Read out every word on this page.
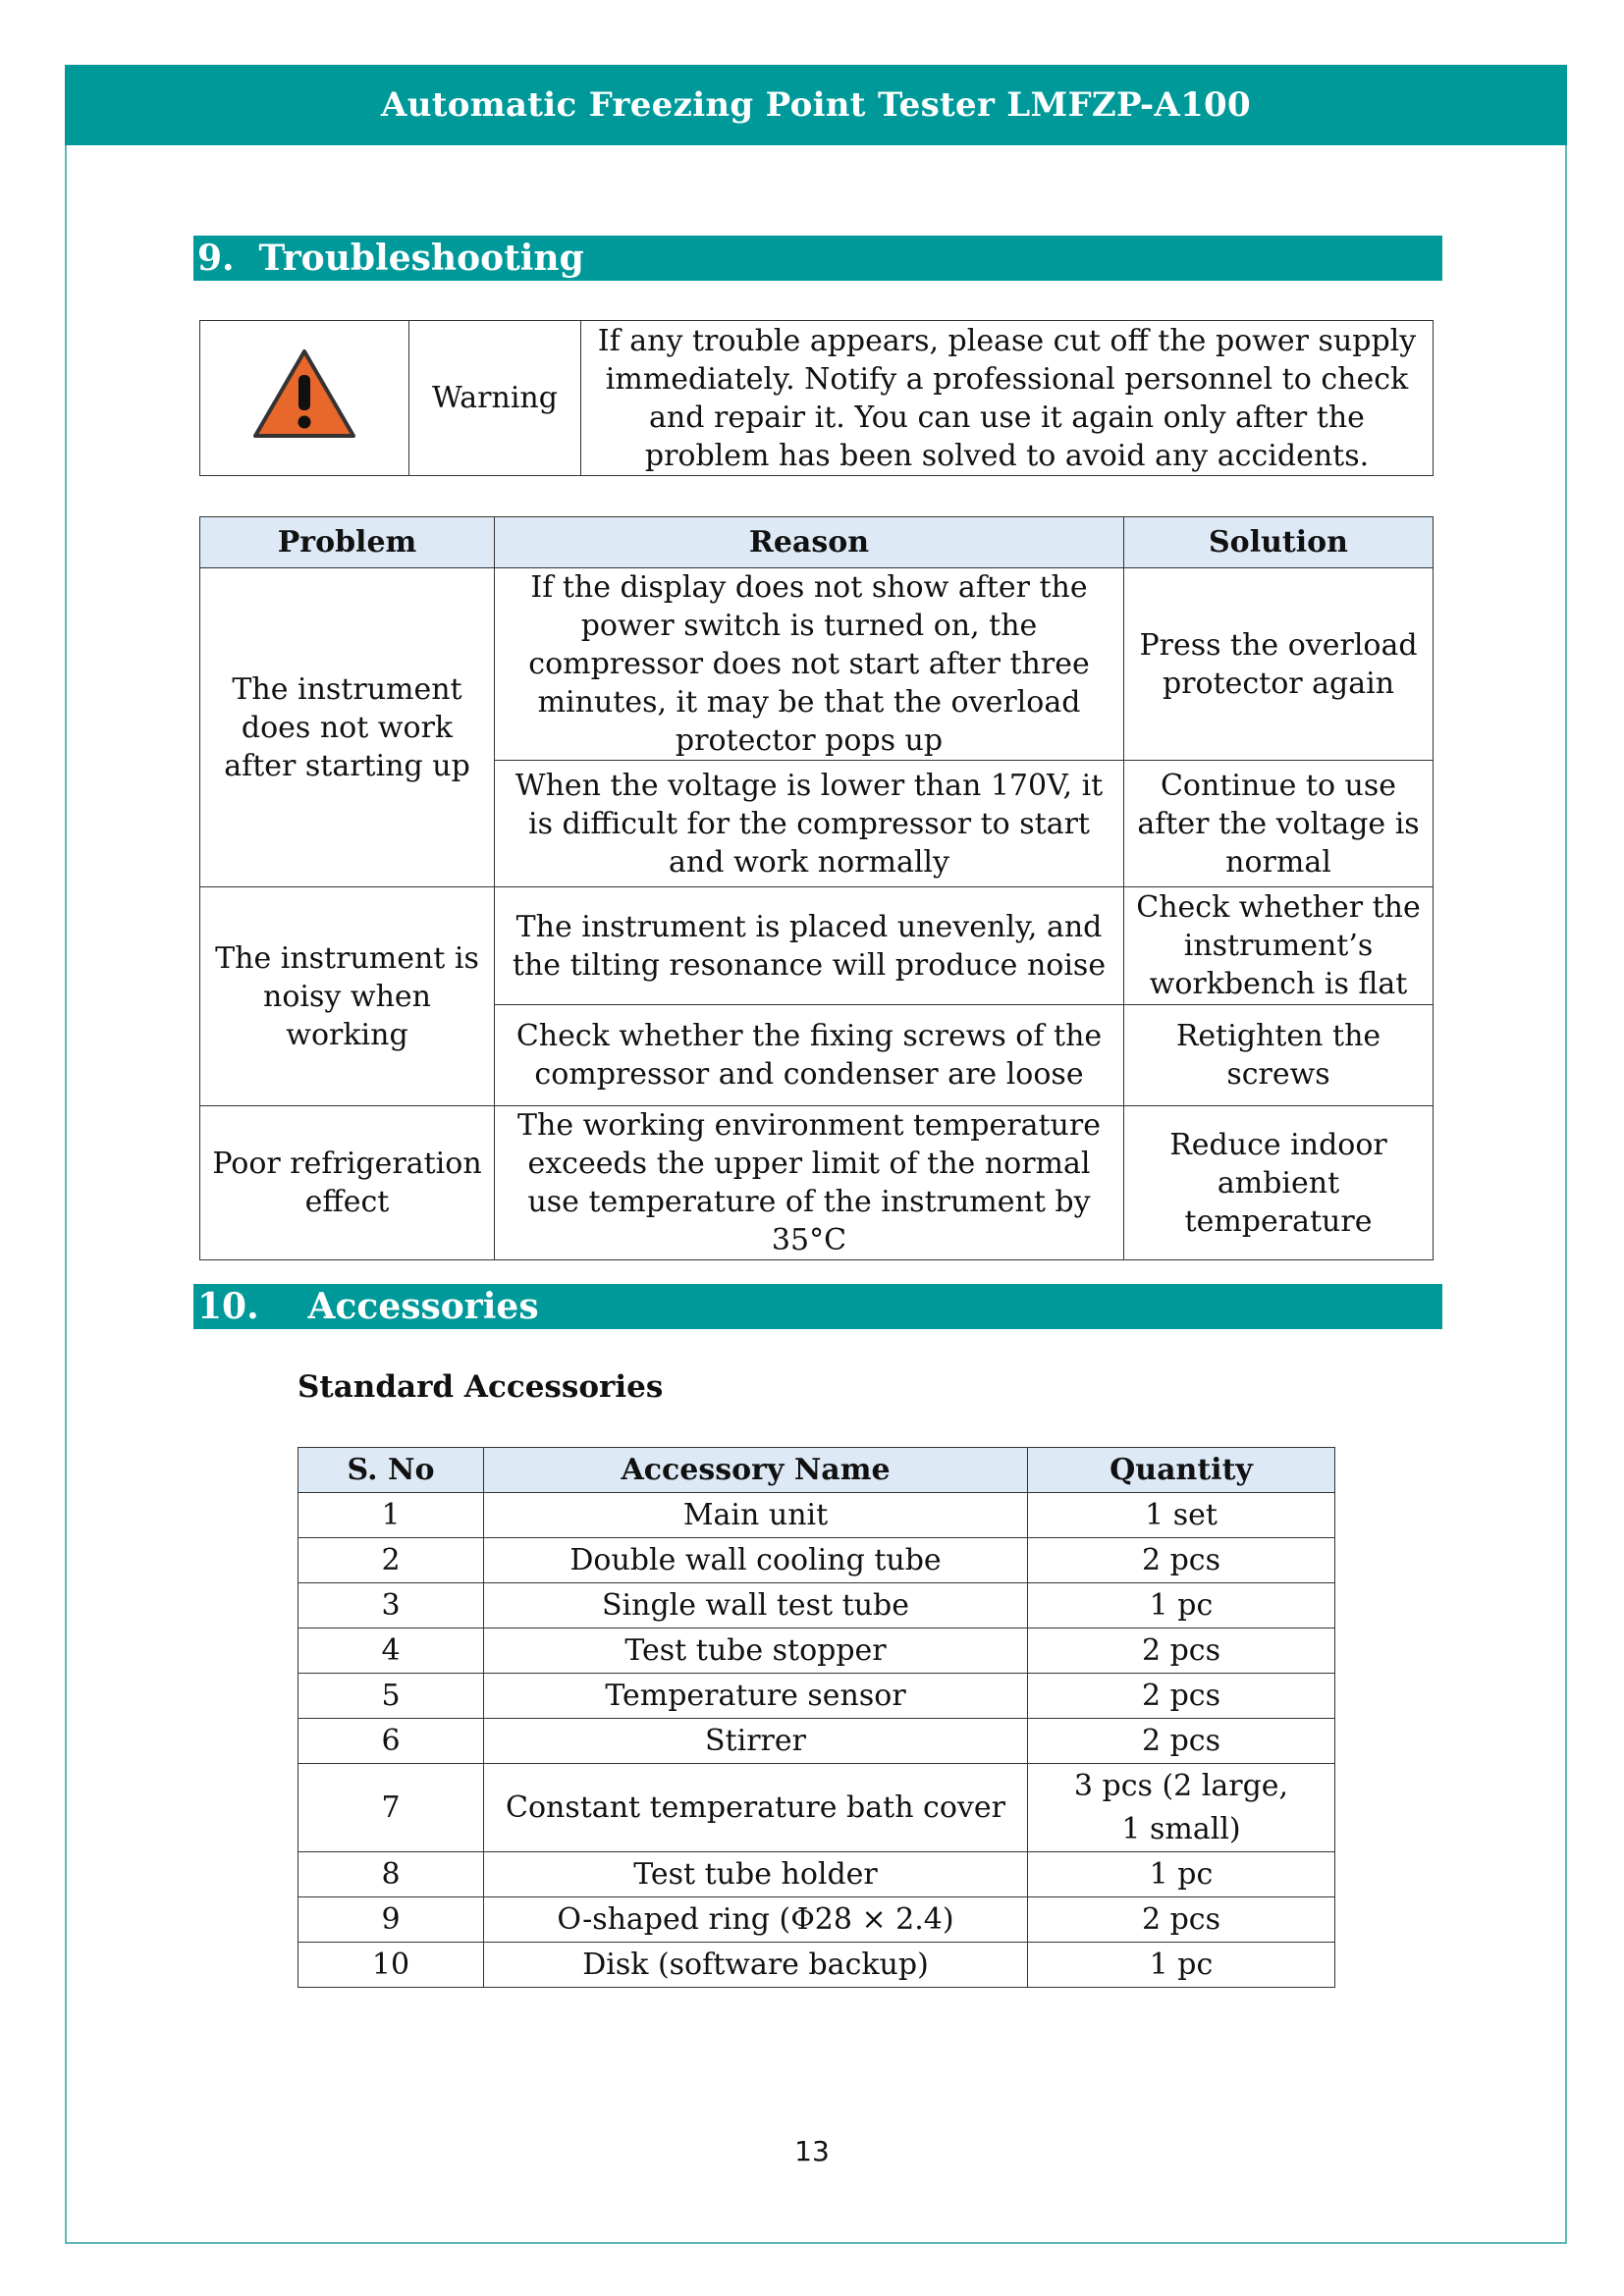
Automatic Freezing Point Tester LMFZP-A100
9. Troubleshooting
	Warning	If any trouble appears, please cut off the power supply immediately. Notify a professional personnel to check and repair it. You can use it again only after the problem has been solved to avoid any accidents.
Problem	Reason	Solution
The instrument does not work after starting up	If the display does not show after the power switch is turned on, the compressor does not start after three minutes, it may be that the overload protector pops up	Press the overload protector again
	When the voltage is lower than 170V, it is difficult for the compressor to start and work normally	Continue to use after the voltage is normal
The instrument is noisy when working	The instrument is placed unevenly, and the tilting resonance will produce noise	Check whether the instrument’s workbench is flat
	Check whether the fixing screws of the compressor and condenser are loose	Retighten the screws
Poor refrigeration effect	The working environment temperature exceeds the upper limit of the normal use temperature of the instrument by 35°C	Reduce indoor ambient temperature
10. Accessories
Standard Accessories
S. No	Accessory Name	Quantity
1	Main unit	1 set
2	Double wall cooling tube	2 pcs
3	Single wall test tube	1 pc
4	Test tube stopper	2 pcs
5	Temperature sensor	2 pcs
6	Stirrer	2 pcs
7	Constant temperature bath cover	3 pcs (2 large, 1 small)
8	Test tube holder	1 pc
9	O-shaped ring (Φ28 × 2.4)	2 pcs
10	Disk (software backup)	1 pc
13
